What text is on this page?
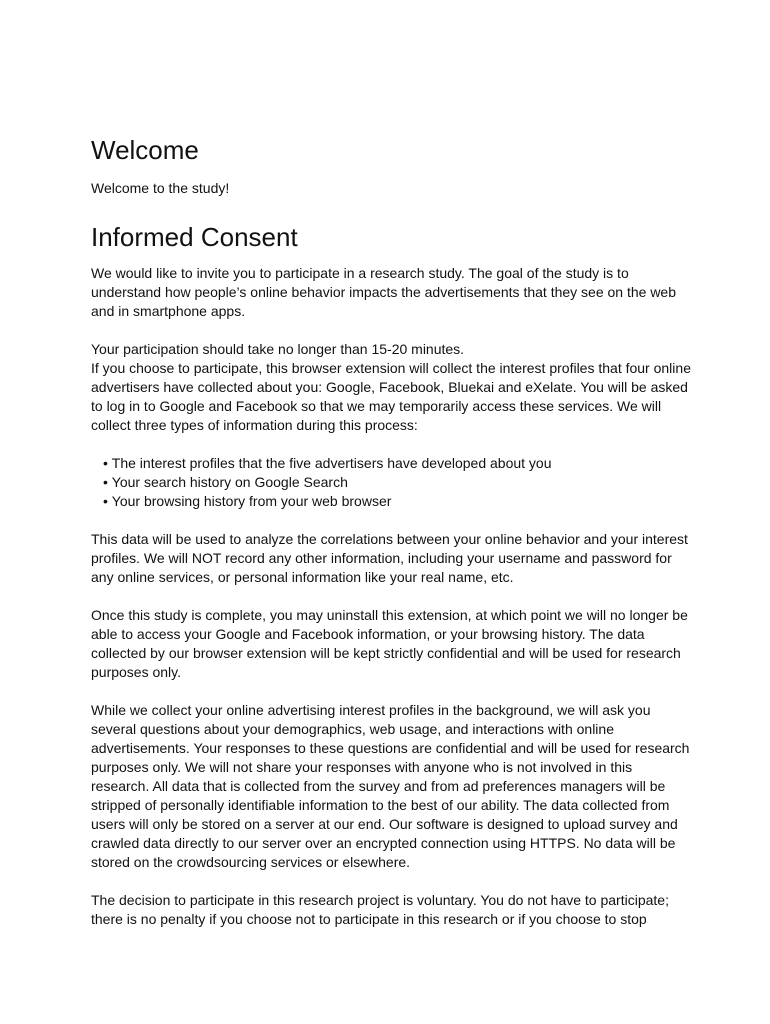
Welcome

Welcome to the study!

Informed Consent

We would like to invite you to participate in a research study. The goal of the study is to understand how people’s online behavior impacts the advertisements that they see on the web and in smartphone apps.

Your participation should take no longer than 15-20 minutes.

If you choose to participate, this browser extension will collect the interest profiles that four online advertisers have collected about you: Google, Facebook, Bluekai and eXelate. You will be asked to log in to Google and Facebook so that we may temporarily access these services. We will collect three types of information during this process:

• The interest profiles that the five advertisers have developed about you
• Your search history on Google Search
• Your browsing history from your web browser

This data will be used to analyze the correlations between your online behavior and your interest profiles. We will NOT record any other information, including your username and password for any online services, or personal information like your real name, etc.

Once this study is complete, you may uninstall this extension, at which point we will no longer be able to access your Google and Facebook information, or your browsing history. The data collected by our browser extension will be kept strictly confidential and will be used for research purposes only.

While we collect your online advertising interest profiles in the background, we will ask you several questions about your demographics, web usage, and interactions with online advertisements. Your responses to these questions are confidential and will be used for research purposes only. We will not share your responses with anyone who is not involved in this research. All data that is collected from the survey and from ad preferences managers will be stripped of personally identifiable information to the best of our ability. The data collected from users will only be stored on a server at our end. Our software is designed to upload survey and crawled data directly to our server over an encrypted connection using HTTPS. No data will be stored on the crowdsourcing services or elsewhere.

The decision to participate in this research project is voluntary. You do not have to participate; there is no penalty if you choose not to participate in this research or if you choose to stop
